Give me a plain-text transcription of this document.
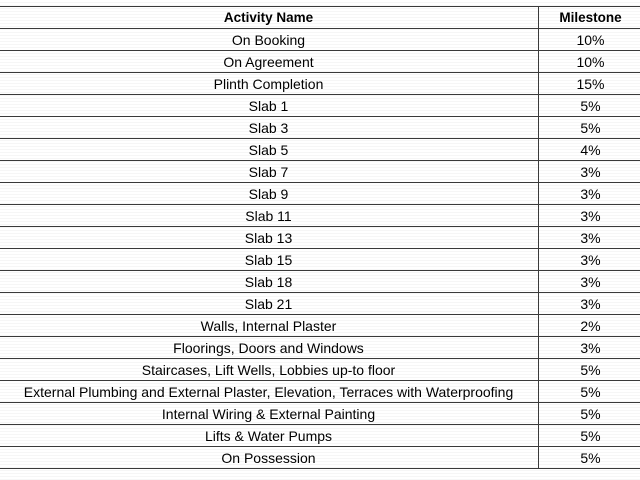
Activity Name	Milestone
On Booking	10%
On Agreement	10%
Plinth Completion	15%
Slab 1	5%
Slab 3	5%
Slab 5	4%
Slab 7	3%
Slab 9	3%
Slab 11	3%
Slab 13	3%
Slab 15	3%
Slab 18	3%
Slab 21	3%
Walls, Internal Plaster	2%
Floorings, Doors and Windows	3%
Staircases, Lift Wells, Lobbies up-to floor	5%
External Plumbing and External Plaster, Elevation, Terraces with Waterproofing	5%
Internal Wiring & External Painting	5%
Lifts & Water Pumps	5%
On Possession	5%
